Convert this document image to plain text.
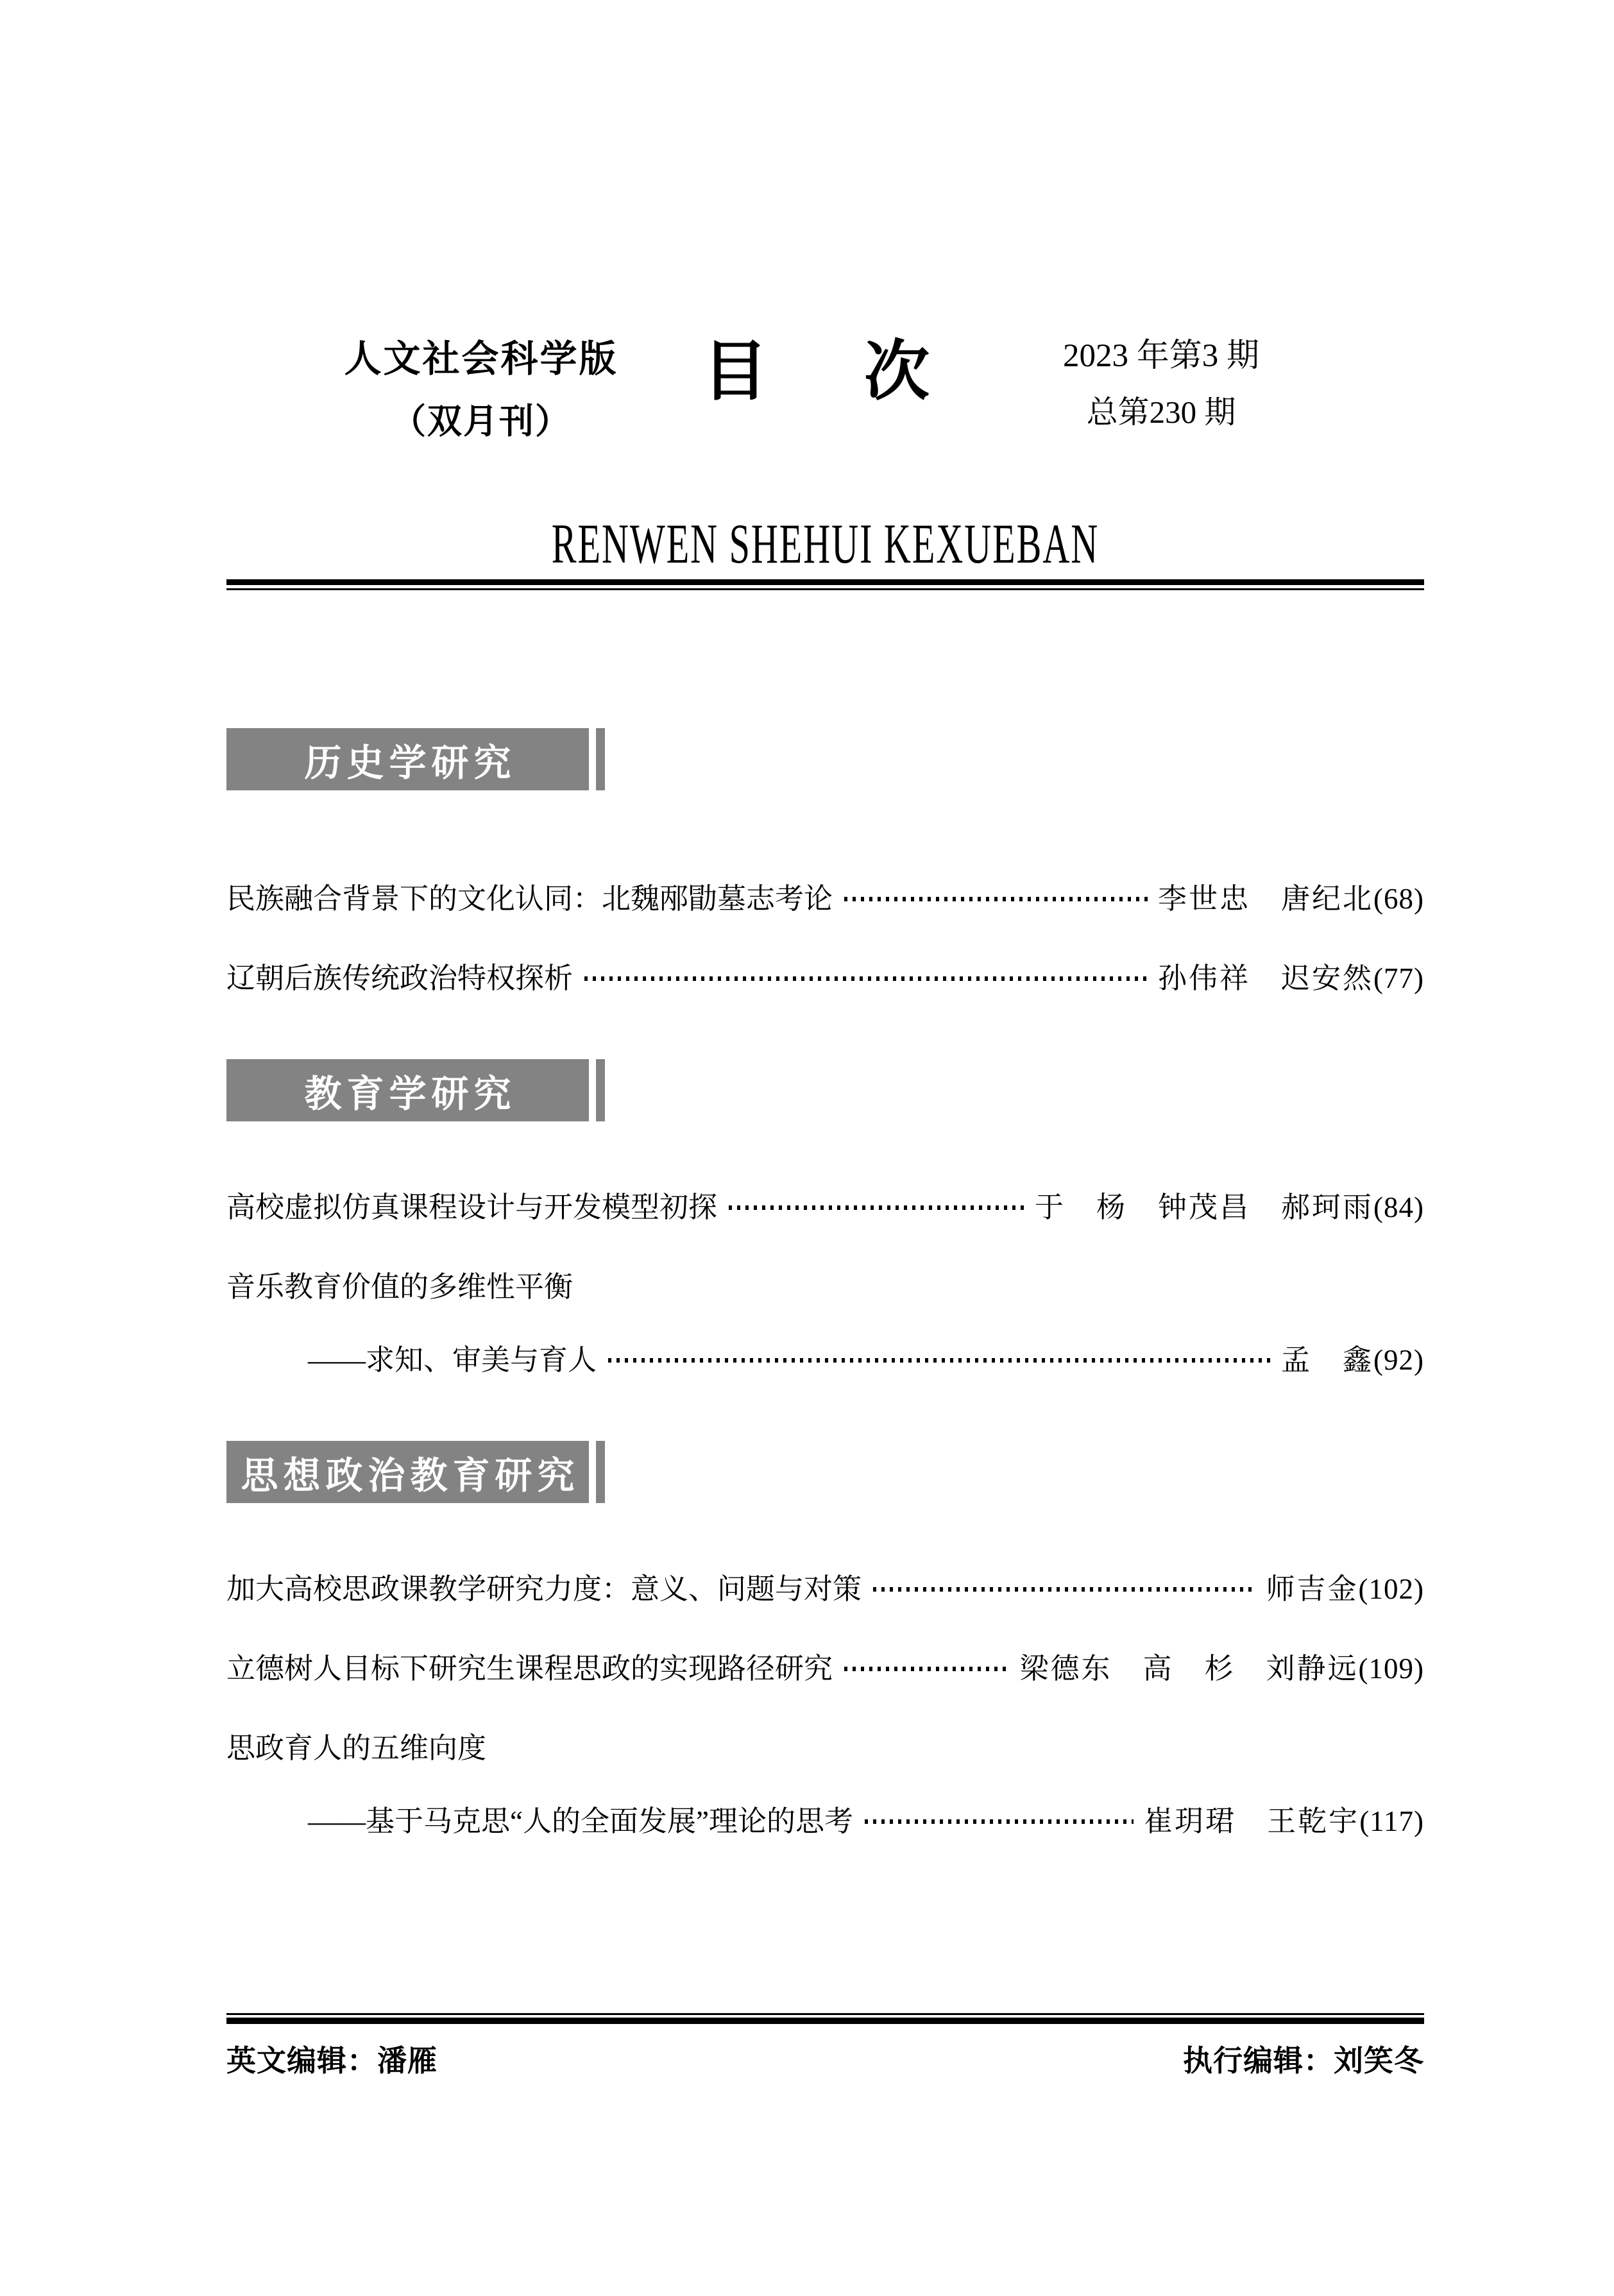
人文社会科学版
（双月刊）
目次	2023 年第3 期
总第230 期
RENWEN SHEHUI KEXUEBAN
历史学研究
民族融合背景下的文化认同：北魏邴勖墓志考论	李世忠　唐纪北 (68)
辽朝后族传统政治特权探析	孙伟祥　迟安然 (77)
教育学研究
高校虚拟仿真课程设计与开发模型初探	于　杨　钟茂昌　郝珂雨 (84)
音乐教育价值的多维性平衡
——求知、审美与育人	孟　鑫 (92)
思想政治教育研究
加大高校思政课教学研究力度：意义、问题与对策	师吉金 (102)
立德树人目标下研究生课程思政的实现路径研究	梁德东　高　杉　刘静远 (109)
思政育人的五维向度
——基于马克思“人的全面发展”理论的思考	崔玥珺　王乾宇 (117)
英文编辑：潘雁	执行编辑：刘笑冬
